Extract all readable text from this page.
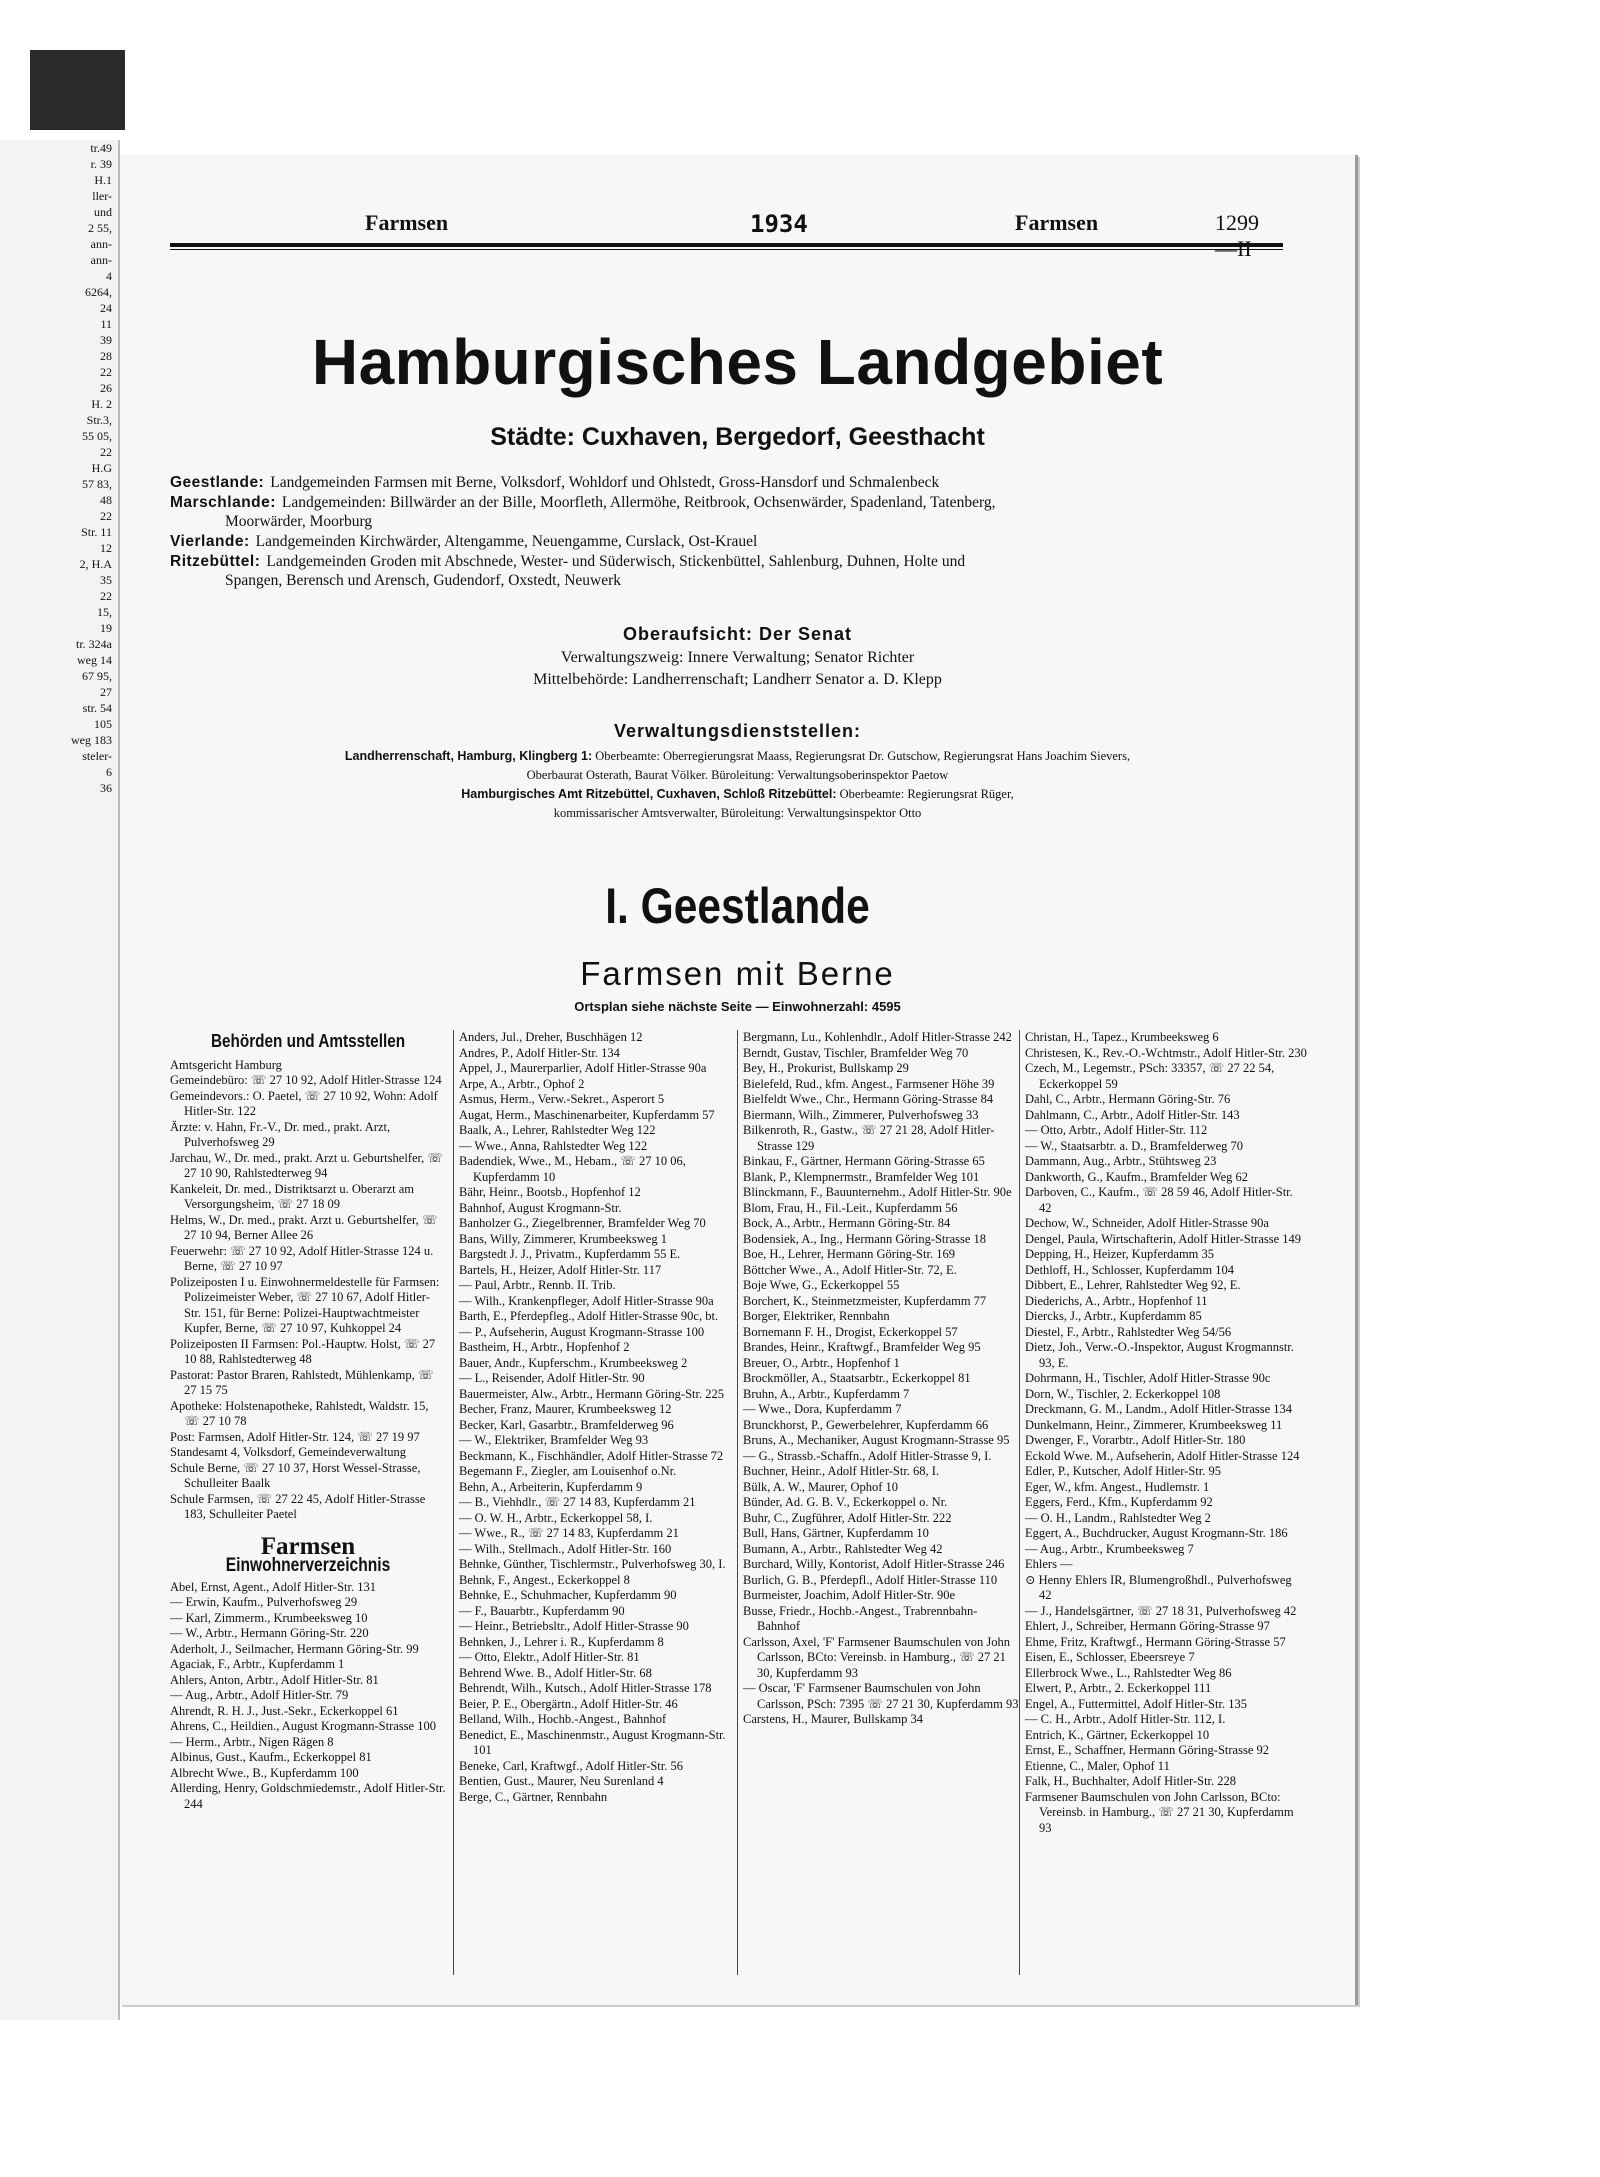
tr.49
r. 39
H.1
ller-
und
2 55,
ann-
ann-
4
6264,
24
11
39
28
22
26
H. 2
Str.3,
55 05,
22
H.G
57 83,
48
22
Str. 11
12
2, H.A
35
22
15,
19
tr. 324a
weg 14
67 95,
27
str. 54
105
weg 183
steler-
6
36
Farmsen	1934	Farmsen	1299—II
Hamburgisches Landgebiet
Städte: Cuxhaven, Bergedorf, Geesthacht
Geestlande: Landgemeinden Farmsen mit Berne, Volksdorf, Wohldorf und Ohlstedt, Gross-Hansdorf und Schmalenbeck
Marschlande: Landgemeinden: Billwärder an der Bille, Moorfleth, Allermöhe, Reitbrook, Ochsenwärder, Spadenland, Tatenberg,
Moorwärder, Moorburg
Vierlande: Landgemeinden Kirchwärder, Altengamme, Neuengamme, Curslack, Ost-Krauel
Ritzebüttel: Landgemeinden Groden mit Abschnede, Wester- und Süderwisch, Stickenbüttel, Sahlenburg, Duhnen, Holte und
Spangen, Berensch und Arensch, Gudendorf, Oxstedt, Neuwerk
Oberaufsicht: Der Senat
Verwaltungszweig: Innere Verwaltung; Senator Richter
Mittelbehörde: Landherrenschaft; Landherr Senator a. D. Klepp
Verwaltungsdienststellen:
Landherrenschaft, Hamburg, Klingberg 1: Oberbeamte: Oberregierungsrat Maass, Regierungsrat Dr. Gutschow, Regierungsrat Hans Joachim Sievers,
Oberbaurat Osterath, Baurat Völker. Büroleitung: Verwaltungsoberinspektor Paetow
Hamburgisches Amt Ritzebüttel, Cuxhaven, Schloß Ritzebüttel: Oberbeamte: Regierungsrat Rüger,
kommissarischer Amtsverwalter, Büroleitung: Verwaltungsinspektor Otto
I. Geestlande
Farmsen mit Berne
Ortsplan siehe nächste Seite — Einwohnerzahl: 4595
Behörden und Amtsstellen
Amtsgericht Hamburg
Gemeindebüro: ☏ 27 10 92, Adolf Hitler-Strasse 124
Gemeindevors.: O. Paetel, ☏ 27 10 92, Wohn: Adolf Hitler-Str. 122
Ärzte: v. Hahn, Fr.-V., Dr. med., prakt. Arzt, Pulverhofsweg 29
Jarchau, W., Dr. med., prakt. Arzt u. Geburtshelfer, ☏ 27 10 90, Rahlstedterweg 94
Kankeleit, Dr. med., Distriktsarzt u. Oberarzt am Versorgungsheim, ☏ 27 18 09
Helms, W., Dr. med., prakt. Arzt u. Geburtshelfer, ☏ 27 10 94, Berner Allee 26
Feuerwehr: ☏ 27 10 92, Adolf Hitler-Strasse 124 u. Berne, ☏ 27 10 97
Polizeiposten I u. Einwohnermeldestelle für Farmsen: Polizeimeister Weber, ☏ 27 10 67, Adolf Hitler-Str. 151, für Berne: Polizei-Hauptwachtmeister Kupfer, Berne, ☏ 27 10 97, Kuhkoppel 24
Polizeiposten II Farmsen: Pol.-Hauptw. Holst, ☏ 27 10 88, Rahlstedterweg 48
Pastorat: Pastor Braren, Rahlstedt, Mühlenkamp, ☏ 27 15 75
Apotheke: Holstenapotheke, Rahlstedt, Waldstr. 15, ☏ 27 10 78
Post: Farmsen, Adolf Hitler-Str. 124, ☏ 27 19 97
Standesamt 4, Volksdorf, Gemeindeverwaltung
Schule Berne, ☏ 27 10 37, Horst Wessel-Strasse, Schulleiter Baalk
Schule Farmsen, ☏ 27 22 45, Adolf Hitler-Strasse 183, Schulleiter Paetel
Farmsen
Einwohnerverzeichnis
Abel, Ernst, Agent., Adolf Hitler-Str. 131
— Erwin, Kaufm., Pulverhofsweg 29
— Karl, Zimmerm., Krumbeeksweg 10
— W., Arbtr., Hermann Göring-Str. 220
Aderholt, J., Seilmacher, Hermann Göring-Str. 99
Agaciak, F., Arbtr., Kupferdamm 1
Ahlers, Anton, Arbtr., Adolf Hitler-Str. 81
— Aug., Arbtr., Adolf Hitler-Str. 79
Ahrendt, R. H. J., Just.-Sekr., Eckerkoppel 61
Ahrens, C., Heildien., August Krogmann-Strasse 100
— Herm., Arbtr., Nigen Rägen 8
Albinus, Gust., Kaufm., Eckerkoppel 81
Albrecht Wwe., B., Kupferdamm 100
Allerding, Henry, Goldschmiedemstr., Adolf Hitler-Str. 244
Anders, Jul., Dreher, Buschhägen 12
Andres, P., Adolf Hitler-Str. 134
Appel, J., Maurerparlier, Adolf Hitler-Strasse 90a
Arpe, A., Arbtr., Ophof 2
Asmus, Herm., Verw.-Sekret., Asperort 5
Augat, Herm., Maschinenarbeiter, Kupferdamm 57
Baalk, A., Lehrer, Rahlstedter Weg 122
— Wwe., Anna, Rahlstedter Weg 122
Badendiek, Wwe., M., Hebam., ☏ 27 10 06, Kupferdamm 10
Bähr, Heinr., Bootsb., Hopfenhof 12
Bahnhof, August Krogmann-Str.
Banholzer G., Ziegelbrenner, Bramfelder Weg 70
Bans, Willy, Zimmerer, Krumbeeksweg 1
Bargstedt J. J., Privatm., Kupferdamm 55 E.
Bartels, H., Heizer, Adolf Hitler-Str. 117
— Paul, Arbtr., Rennb. II. Trib.
— Wilh., Krankenpfleger, Adolf Hitler-Strasse 90a
Barth, E., Pferdepfleg., Adolf Hitler-Strasse 90c, bt.
— P., Aufseherin, August Krogmann-Strasse 100
Bastheim, H., Arbtr., Hopfenhof 2
Bauer, Andr., Kupferschm., Krumbeeksweg 2
— L., Reisender, Adolf Hitler-Str. 90
Bauermeister, Alw., Arbtr., Hermann Göring-Str. 225
Becher, Franz, Maurer, Krumbeeksweg 12
Becker, Karl, Gasarbtr., Bramfelderweg 96
— W., Elektriker, Bramfelder Weg 93
Beckmann, K., Fischhändler, Adolf Hitler-Strasse 72
Begemann F., Ziegler, am Louisenhof o.Nr.
Behn, A., Arbeiterin, Kupferdamm 9
— B., Viehhdlr., ☏ 27 14 83, Kupferdamm 21
— O. W. H., Arbtr., Eckerkoppel 58, I.
— Wwe., R., ☏ 27 14 83, Kupferdamm 21
— Wilh., Stellmach., Adolf Hitler-Str. 160
Behnke, Günther, Tischlermstr., Pulverhofsweg 30, I.
Behnk, F., Angest., Eckerkoppel 8
Behnke, E., Schuhmacher, Kupferdamm 90
— F., Bauarbtr., Kupferdamm 90
— Heinr., Betriebsltr., Adolf Hitler-Strasse 90
Behnken, J., Lehrer i. R., Kupferdamm 8
— Otto, Elektr., Adolf Hitler-Str. 81
Behrend Wwe. B., Adolf Hitler-Str. 68
Behrendt, Wilh., Kutsch., Adolf Hitler-Strasse 178
Beier, P. E., Obergärtn., Adolf Hitler-Str. 46
Belland, Wilh., Hochb.-Angest., Bahnhof
Benedict, E., Maschinenmstr., August Krogmann-Str. 101
Beneke, Carl, Kraftwgf., Adolf Hitler-Str. 56
Bentien, Gust., Maurer, Neu Surenland 4
Berge, C., Gärtner, Rennbahn
Bergmann, Lu., Kohlenhdlr., Adolf Hitler-Strasse 242
Berndt, Gustav, Tischler, Bramfelder Weg 70
Bey, H., Prokurist, Bullskamp 29
Bielefeld, Rud., kfm. Angest., Farmsener Höhe 39
Bielfeldt Wwe., Chr., Hermann Göring-Strasse 84
Biermann, Wilh., Zimmerer, Pulverhofsweg 33
Bilkenroth, R., Gastw., ☏ 27 21 28, Adolf Hitler-Strasse 129
Binkau, F., Gärtner, Hermann Göring-Strasse 65
Blank, P., Klempnermstr., Bramfelder Weg 101
Blinckmann, F., Bauunternehm., Adolf Hitler-Str. 90e
Blom, Frau, H., Fil.-Leit., Kupferdamm 56
Bock, A., Arbtr., Hermann Göring-Str. 84
Bodensiek, A., Ing., Hermann Göring-Strasse 18
Boe, H., Lehrer, Hermann Göring-Str. 169
Böttcher Wwe., A., Adolf Hitler-Str. 72, E.
Boje Wwe, G., Eckerkoppel 55
Borchert, K., Steinmetzmeister, Kupferdamm 77
Borger, Elektriker, Rennbahn
Bornemann F. H., Drogist, Eckerkoppel 57
Brandes, Heinr., Kraftwgf., Bramfelder Weg 95
Breuer, O., Arbtr., Hopfenhof 1
Brockmöller, A., Staatsarbtr., Eckerkoppel 81
Bruhn, A., Arbtr., Kupferdamm 7
— Wwe., Dora, Kupferdamm 7
Brunckhorst, P., Gewerbelehrer, Kupferdamm 66
Bruns, A., Mechaniker, August Krogmann-Strasse 95
— G., Strassb.-Schaffn., Adolf Hitler-Strasse 9, I.
Buchner, Heinr., Adolf Hitler-Str. 68, I.
Bülk, A. W., Maurer, Ophof 10
Bünder, Ad. G. B. V., Eckerkoppel o. Nr.
Buhr, C., Zugführer, Adolf Hitler-Str. 222
Bull, Hans, Gärtner, Kupferdamm 10
Bumann, A., Arbtr., Rahlstedter Weg 42
Burchard, Willy, Kontorist, Adolf Hitler-Strasse 246
Burlich, G. B., Pferdepfl., Adolf Hitler-Strasse 110
Burmeister, Joachim, Adolf Hitler-Str. 90e
Busse, Friedr., Hochb.-Angest., Trabrennbahn-Bahnhof
Carlsson, Axel, 'F' Farmsener Baumschulen von John Carlsson, BCto: Vereinsb. in Hamburg., ☏ 27 21 30, Kupferdamm 93
— Oscar, 'F' Farmsener Baumschulen von John Carlsson, PSch: 7395 ☏ 27 21 30, Kupferdamm 93
Carstens, H., Maurer, Bullskamp 34
Christan, H., Tapez., Krumbeeksweg 6
Christesen, K., Rev.-O.-Wchtmstr., Adolf Hitler-Str. 230
Czech, M., Legemstr., PSch: 33357, ☏ 27 22 54, Eckerkoppel 59
Dahl, C., Arbtr., Hermann Göring-Str. 76
Dahlmann, C., Arbtr., Adolf Hitler-Str. 143
— Otto, Arbtr., Adolf Hitler-Str. 112
— W., Staatsarbtr. a. D., Bramfelderweg 70
Dammann, Aug., Arbtr., Stühtsweg 23
Dankworth, G., Kaufm., Bramfelder Weg 62
Darboven, C., Kaufm., ☏ 28 59 46, Adolf Hitler-Str. 42
Dechow, W., Schneider, Adolf Hitler-Strasse 90a
Dengel, Paula, Wirtschafterin, Adolf Hitler-Strasse 149
Depping, H., Heizer, Kupferdamm 35
Dethloff, H., Schlosser, Kupferdamm 104
Dibbert, E., Lehrer, Rahlstedter Weg 92, E.
Diederichs, A., Arbtr., Hopfenhof 11
Diercks, J., Arbtr., Kupferdamm 85
Diestel, F., Arbtr., Rahlstedter Weg 54/56
Dietz, Joh., Verw.-O.-Inspektor, August Krogmannstr. 93, E.
Dohrmann, H., Tischler, Adolf Hitler-Strasse 90c
Dorn, W., Tischler, 2. Eckerkoppel 108
Dreckmann, G. M., Landm., Adolf Hitler-Strasse 134
Dunkelmann, Heinr., Zimmerer, Krumbeeksweg 11
Dwenger, F., Vorarbtr., Adolf Hitler-Str. 180
Eckold Wwe. M., Aufseherin, Adolf Hitler-Strasse 124
Edler, P., Kutscher, Adolf Hitler-Str. 95
Eger, W., kfm. Angest., Hudlemstr. 1
Eggers, Ferd., Kfm., Kupferdamm 92
— O. H., Landm., Rahlstedter Weg 2
Eggert, A., Buchdrucker, August Krogmann-Str. 186
— Aug., Arbtr., Krumbeeksweg 7
Ehlers —
⊙ Henny Ehlers IR, Blumengroßhdl., Pulverhofsweg 42
— J., Handelsgärtner, ☏ 27 18 31, Pulverhofsweg 42
Ehlert, J., Schreiber, Hermann Göring-Strasse 97
Ehme, Fritz, Kraftwgf., Hermann Göring-Strasse 57
Eisen, E., Schlosser, Ebeersreye 7
Ellerbrock Wwe., L., Rahlstedter Weg 86
Elwert, P., Arbtr., 2. Eckerkoppel 111
Engel, A., Futtermittel, Adolf Hitler-Str. 135
— C. H., Arbtr., Adolf Hitler-Str. 112, I.
Entrich, K., Gärtner, Eckerkoppel 10
Ernst, E., Schaffner, Hermann Göring-Strasse 92
Etienne, C., Maler, Ophof 11
Falk, H., Buchhalter, Adolf Hitler-Str. 228
Farmsener Baumschulen von John Carlsson, BCto: Vereinsb. in Hamburg., ☏ 27 21 30, Kupferdamm 93
